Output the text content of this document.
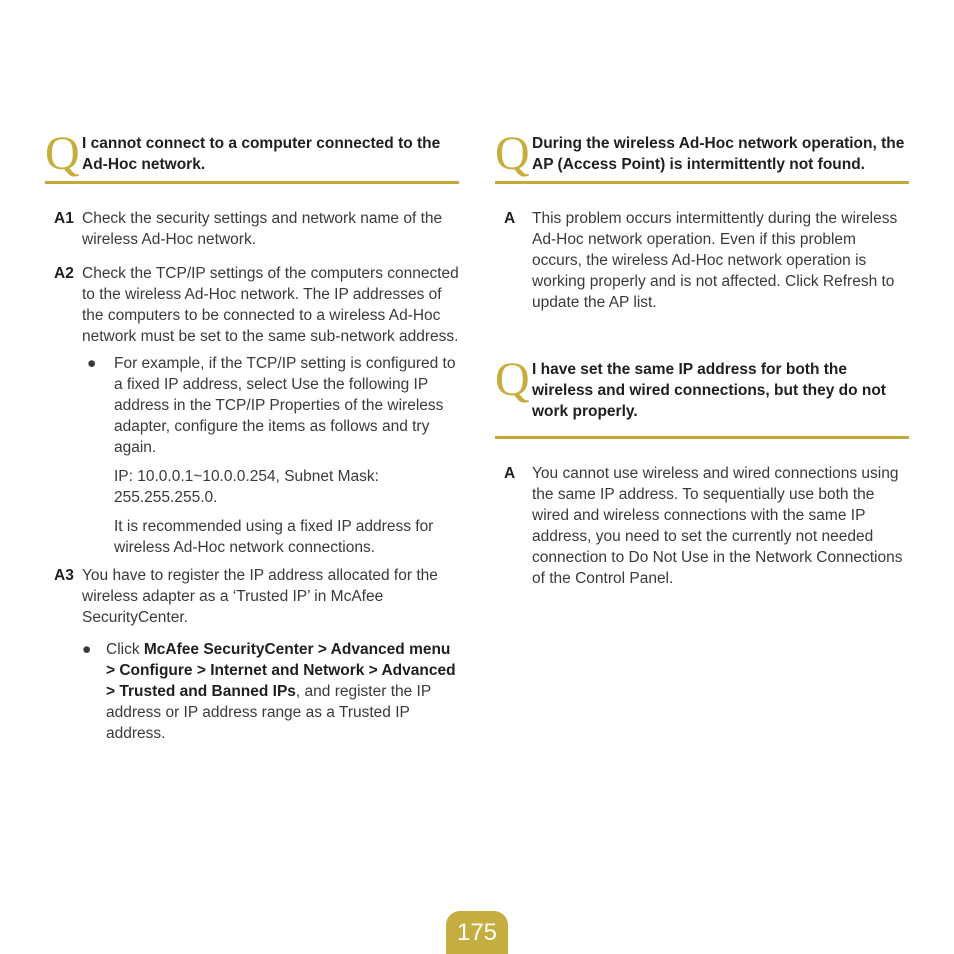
Q I cannot connect to a computer connected to the Ad-Hoc network.
A1 Check the security settings and network name of the wireless Ad-Hoc network.
A2 Check the TCP/IP settings of the computers connected to the wireless Ad-Hoc network. The IP addresses of the computers to be connected to a wireless Ad-Hoc network must be set to the same sub-network address.
● For example, if the TCP/IP setting is configured to a fixed IP address, select Use the following IP address in the TCP/IP Properties of the wireless adapter, configure the items as follows and try again.
IP: 10.0.0.1~10.0.0.254, Subnet Mask: 255.255.255.0.
It is recommended using a fixed IP address for wireless Ad-Hoc network connections.
A3 You have to register the IP address allocated for the wireless adapter as a ‘Trusted IP’ in McAfee SecurityCenter.
● Click McAfee SecurityCenter > Advanced menu > Configure > Internet and Network > Advanced > Trusted and Banned IPs, and register the IP address or IP address range as a Trusted IP address.
Q During the wireless Ad-Hoc network operation, the AP (Access Point) is intermittently not found.
A This problem occurs intermittently during the wireless Ad-Hoc network operation. Even if this problem occurs, the wireless Ad-Hoc network operation is working properly and is not affected. Click Refresh to update the AP list.
Q I have set the same IP address for both the wireless and wired connections, but they do not work properly.
A You cannot use wireless and wired connections using the same IP address. To sequentially use both the wired and wireless connections with the same IP address, you need to set the currently not needed connection to Do Not Use in the Network Connections of the Control Panel.
175
